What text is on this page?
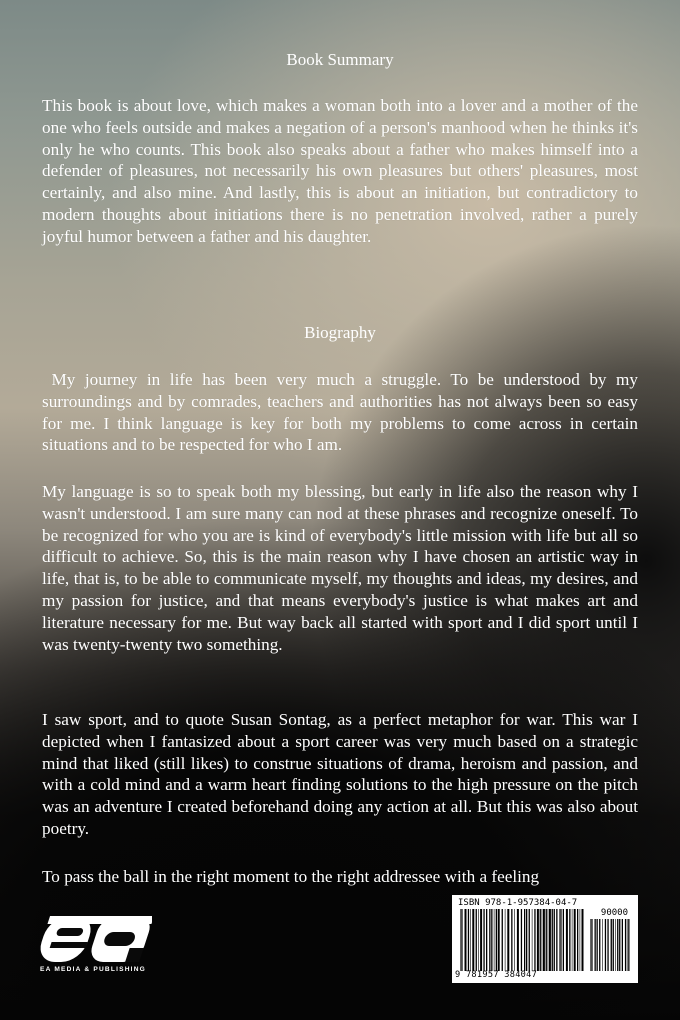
Book Summary

This book is about love, which makes a woman both into a lover and a mother of the one who feels outside and makes a negation of a person's manhood when he thinks it's only he who counts. This book also speaks about a father who makes himself into a defender of pleasures, not necessarily his own pleasures but others' pleasures, most certainly, and also mine. And lastly, this is about an initiation, but contradictory to modern thoughts about initiations there is no penetration involved, rather a purely joyful humor between a father and his daughter.

Biography

My journey in life has been very much a struggle. To be understood by my surroundings and by comrades, teachers and authorities has not always been so easy for me. I think language is key for both my problems to come across in certain situations and to be respected for who I am.

My language is so to speak both my blessing, but early in life also the reason why I wasn't understood. I am sure many can nod at these phrases and recognize oneself. To be recognized for who you are is kind of everybody's little mission with life but all so difficult to achieve. So, this is the main reason why I have chosen an artistic way in life, that is, to be able to communicate myself, my thoughts and ideas, my desires, and my passion for justice, and that means everybody's justice is what makes art and literature necessary for me. But way back all started with sport and I did sport until I was twenty-twenty two something.

I saw sport, and to quote Susan Sontag, as a perfect metaphor for war. This war I depicted when I fantasized about a sport career was very much based on a strategic mind that liked (still likes) to construe situations of drama, heroism and passion, and with a cold mind and a warm heart finding solutions to the high pressure on the pitch was an adventure I created beforehand doing any action at all. But this was also about poetry.

To pass the ball in the right moment to the right addressee with a feeling

ea
EA MEDIA & PUBLISHING
ISBN 978-1-957384-04-7
90000
9 781957 384047
